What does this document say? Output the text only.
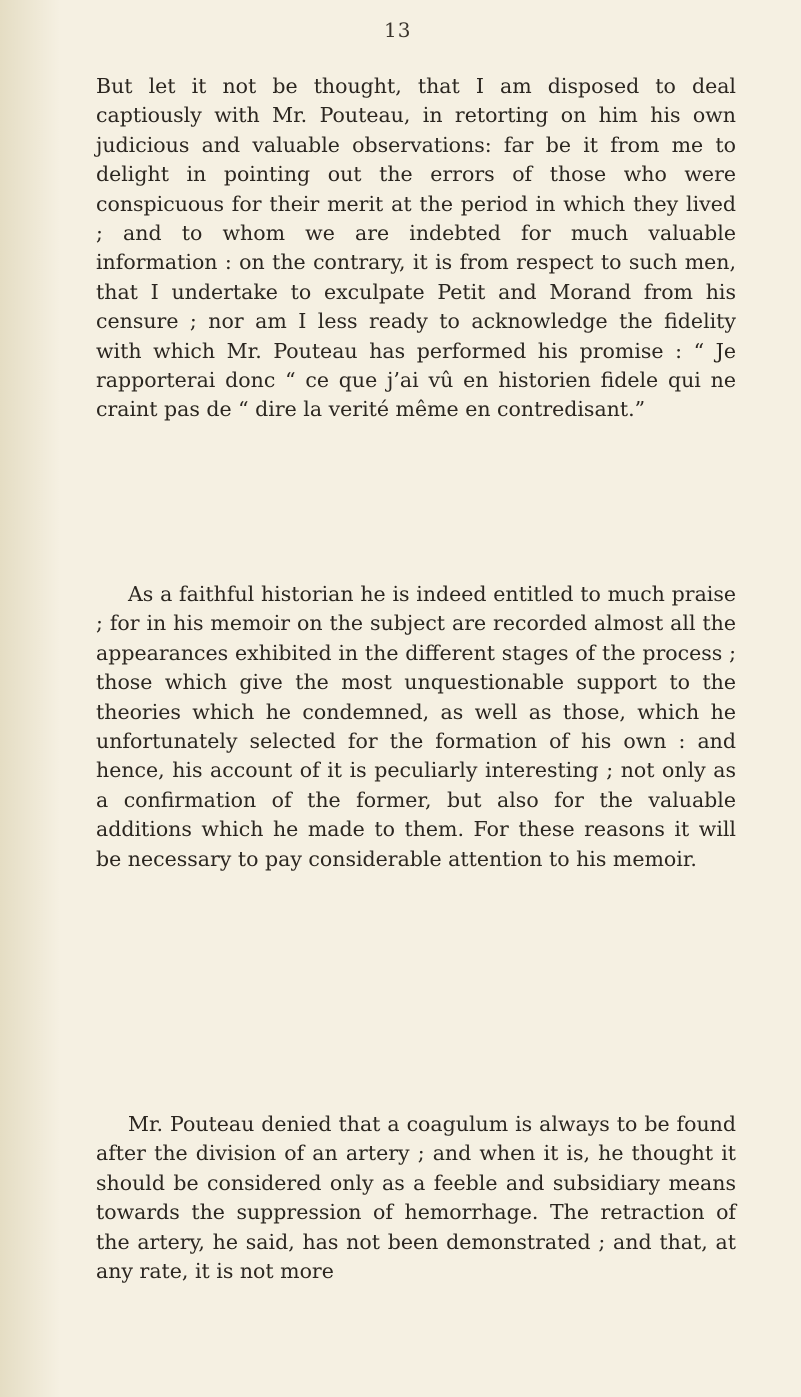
13

But let it not be thought, that I am disposed to deal captiously with Mr. Pouteau, in retorting on him his own judicious and valuable observations: far be it from me to delight in pointing out the errors of those who were conspicuous for their merit at the period in which they lived ; and to whom we are indebted for much valuable information : on the contrary, it is from respect to such men, that I undertake to exculpate Petit and Morand from his censure ; nor am I less ready to acknowledge the fidelity with which Mr. Pouteau has performed his promise : “ Je rapporterai donc “ ce que j’ai vû en historien fidele qui ne craint pas de “ dire la verité même en contredisant.”

As a faithful historian he is indeed entitled to much praise ; for in his memoir on the subject are recorded almost all the appearances exhibited in the different stages of the process ; those which give the most unquestionable support to the theories which he condemned, as well as those, which he unfortunately selected for the formation of his own : and hence, his account of it is peculiarly interesting ; not only as a confirmation of the former, but also for the valuable additions which he made to them. For these reasons it will be necessary to pay considerable attention to his memoir.

Mr. Pouteau denied that a coagulum is always to be found after the division of an artery ; and when it is, he thought it should be considered only as a feeble and subsidiary means towards the suppression of hemorrhage. The retraction of the artery, he said, has not been demonstrated ; and that, at any rate, it is not more
